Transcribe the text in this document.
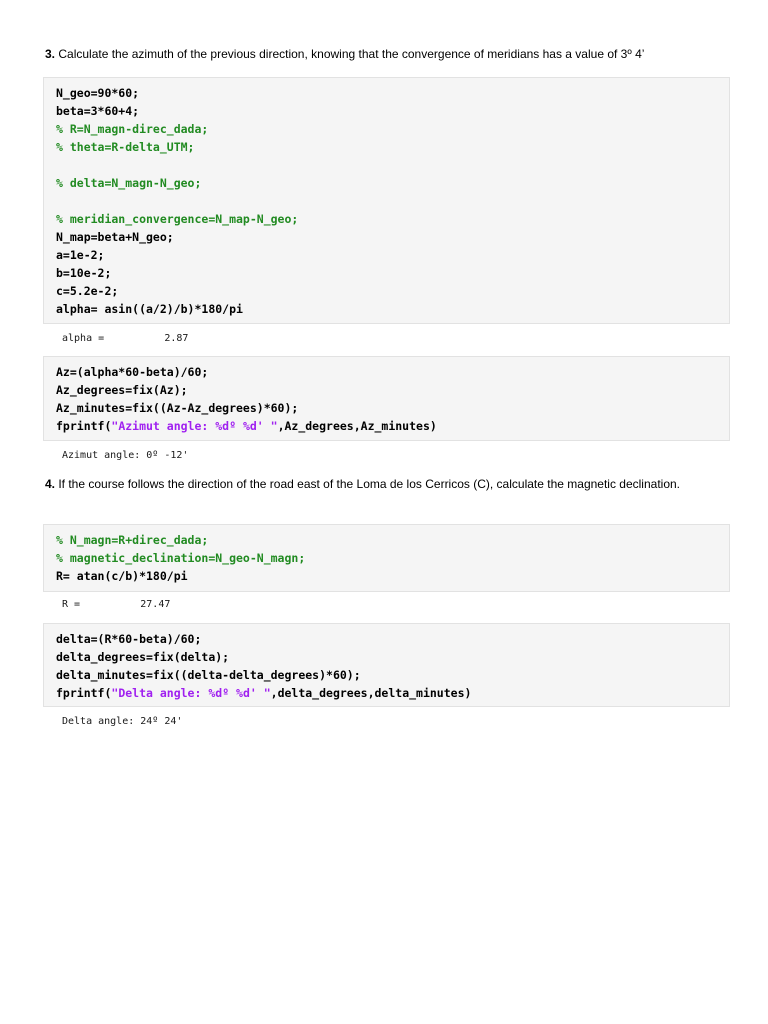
3. Calculate the azimuth of the previous direction, knowing that the convergence of meridians has a value of 3º 4’
N_geo=90*60;
beta=3*60+4;
% R=N_magn-direc_dada;
% theta=R-delta_UTM;
% delta=N_magn-N_geo;
% meridian_convergence=N_map-N_geo;
N_map=beta+N_geo;
a=1e-2;
b=10e-2;
c=5.2e-2;
alpha= asin((a/2)/b)*180/pi
alpha =          2.87
Az=(alpha*60-beta)/60;
Az_degrees=fix(Az);
Az_minutes=fix((Az-Az_degrees)*60);
fprintf("Azimut angle: %dº %d' ",Az_degrees,Az_minutes)
Azimut angle: 0º -12'
4. If the course follows the direction of the road east of the Loma de los Cerricos (C), calculate the magnetic declination.
% N_magn=R+direc_dada;
% magnetic_declination=N_geo-N_magn;
R= atan(c/b)*180/pi
R =          27.47
delta=(R*60-beta)/60;
delta_degrees=fix(delta);
delta_minutes=fix((delta-delta_degrees)*60);
fprintf("Delta angle: %dº %d' ",delta_degrees,delta_minutes)
Delta angle: 24º 24'
